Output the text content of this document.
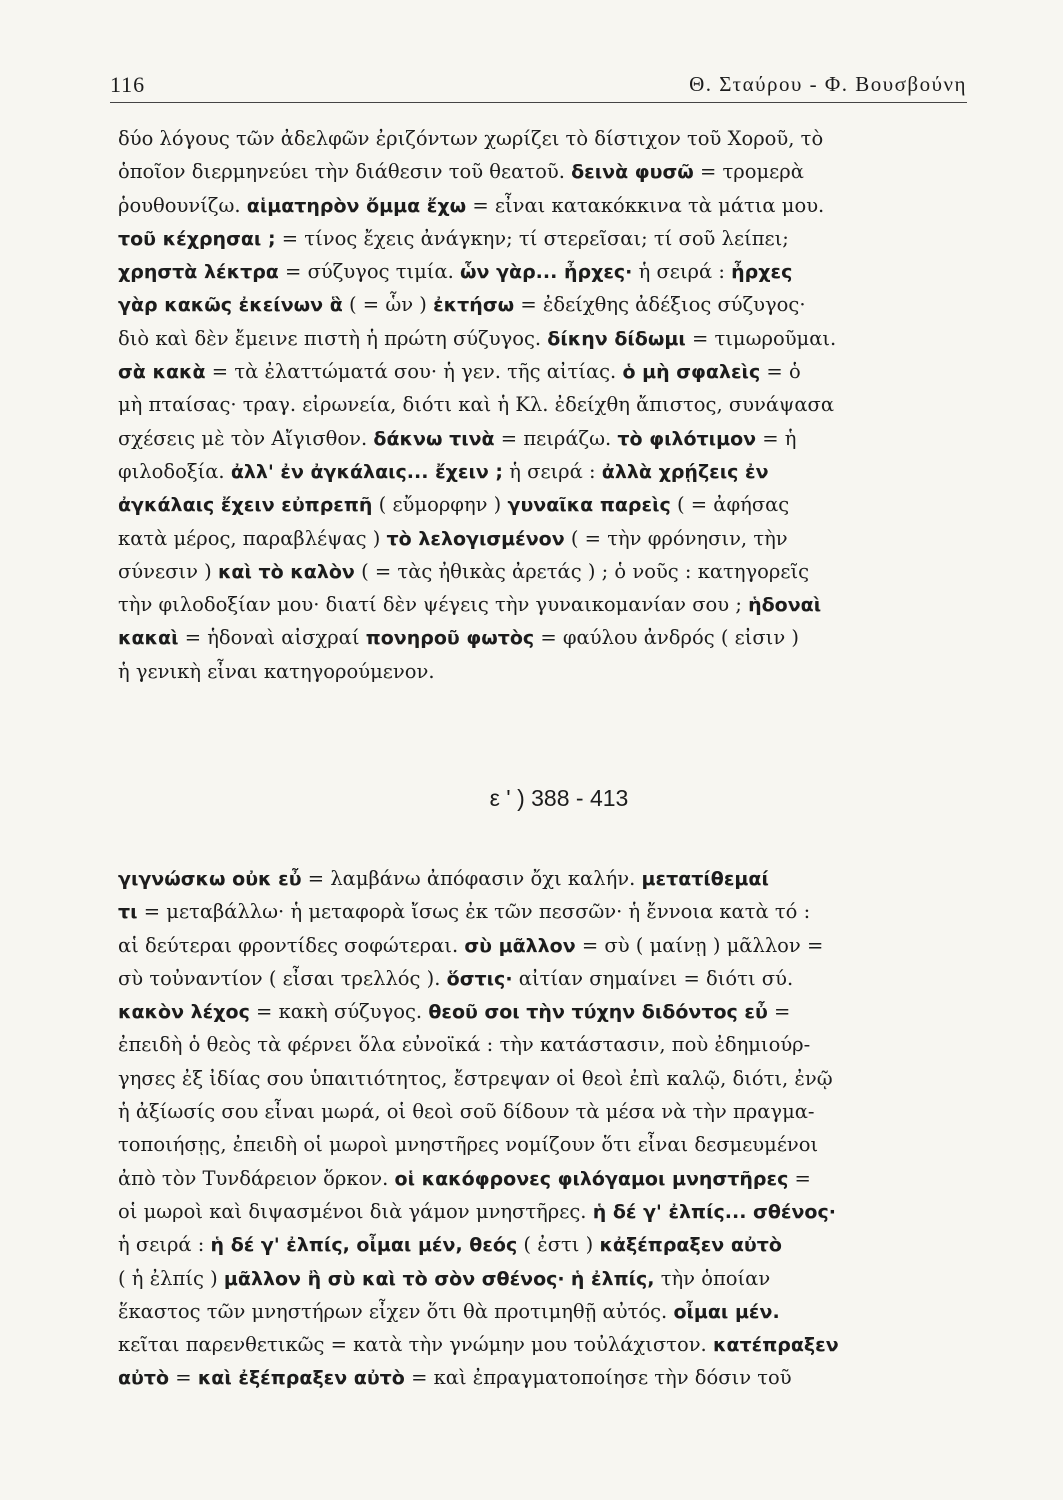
116	Θ. Σταύρου - Φ. Βουσβούνη
δύο λόγους τῶν ἀδελφῶν ἐριζόντων χωρίζει τὸ δίστιχον τοῦ Χοροῦ, τὸ
ὁποῖον διερμηνεύει τὴν διάθεσιν τοῦ θεατοῦ. δεινὰ φυσῶ = τρομερὰ
ῥουθουνίζω. αἱματηρὸν ὄμμα ἔχω = εἶναι κατακόκκινα τὰ μάτια μου.
τοῦ κέχρησαι ; = τίνος ἔχεις ἀνάγκην; τί στερεῖσαι; τί σοῦ λείπει;
χρηστὰ λέκτρα = σύζυγος τιμία. ὧν γὰρ... ἦρχες· ἡ σειρά : ἦρχες
γὰρ κακῶς ἐκείνων ἃ ( = ὧν ) ἐκτήσω = ἐδείχθης ἀδέξιος σύζυγος·
διὸ καὶ δὲν ἔμεινε πιστὴ ἡ πρώτη σύζυγος. δίκην δίδωμι = τιμωροῦμαι.
σὰ κακὰ = τὰ ἐλαττώματά σου· ἡ γεν. τῆς αἰτίας. ὁ μὴ σφαλεὶς = ὁ
μὴ πταίσας· τραγ. εἰρωνεία, διότι καὶ ἡ Κλ. ἐδείχθη ἄπιστος, συνάψασα
σχέσεις μὲ τὸν Αἴγισθον. δάκνω τινὰ = πειράζω. τὸ φιλότιμον = ἡ
φιλοδοξία. ἀλλ' ἐν ἀγκάλαις... ἔχειν ; ἡ σειρά : ἀλλὰ χρῄζεις ἐν
ἀγκάλαις ἔχειν εὐπρεπῆ ( εὔμορφην ) γυναῖκα παρεὶς ( = ἀφήσας
κατὰ μέρος, παραβλέψας ) τὸ λελογισμένον ( = τὴν φρόνησιν, τὴν
σύνεσιν ) καὶ τὸ καλὸν ( = τὰς ἠθικὰς ἀρετάς ) ; ὁ νοῦς : κατηγορεῖς
τὴν φιλοδοξίαν μου· διατί δὲν ψέγεις τὴν γυναικομανίαν σου ; ἡδοναὶ
κακαὶ = ἡδοναὶ αἰσχραί πονηροῦ φωτὸς = φαύλου ἀνδρός ( εἰσιν )
ἡ γενικὴ εἶναι κατηγορούμενον.
ε ' ) 388 - 413
γιγνώσκω οὐκ εὖ = λαμβάνω ἀπόφασιν ὄχι καλήν. μετατίθεμαί
τι = μεταβάλλω· ἡ μεταφορὰ ἴσως ἐκ τῶν πεσσῶν· ἡ ἔννοια κατὰ τό :
αἱ δεύτεραι φροντίδες σοφώτεραι. σὺ μᾶλλον = σὺ ( μαίνῃ ) μᾶλλον =
σὺ τοὐναντίον ( εἶσαι τρελλός ). ὅστις· αἰτίαν σημαίνει = διότι σύ.
κακὸν λέχος = κακὴ σύζυγος. θεοῦ σοι τὴν τύχην διδόντος εὖ =
ἐπειδὴ ὁ θεὸς τὰ φέρνει ὅλα εὐνοϊκά : τὴν κατάστασιν, ποὺ ἐδημιούρ-
γησες ἐξ ἰδίας σου ὑπαιτιότητος, ἔστρεψαν οἱ θεοὶ ἐπὶ καλῷ, διότι, ἐνῷ
ἡ ἀξίωσίς σου εἶναι μωρά, οἱ θεοὶ σοῦ δίδουν τὰ μέσα νὰ τὴν πραγμα-
τοποιήσῃς, ἐπειδὴ οἱ μωροὶ μνηστῆρες νομίζουν ὅτι εἶναι δεσμευμένοι
ἀπὸ τὸν Τυνδάρειον ὅρκον. οἱ κακόφρονες φιλόγαμοι μνηστῆρες =
οἱ μωροὶ καὶ διψασμένοι διὰ γάμον μνηστῆρες. ἡ δέ γ' ἐλπίς... σθένος·
ἡ σειρά : ἡ δέ γ' ἐλπίς, οἶμαι μέν, θεός ( ἐστι ) κἀξέπραξεν αὐτὸ
( ἡ ἐλπίς ) μᾶλλον ἢ σὺ καὶ τὸ σὸν σθένος· ἡ ἐλπίς, τὴν ὁποίαν
ἕκαστος τῶν μνηστήρων εἶχεν ὅτι θὰ προτιμηθῇ αὐτός. οἶμαι μέν.
κεῖται παρενθετικῶς = κατὰ τὴν γνώμην μου τοὐλάχιστον. κατέπραξεν
αὐτὸ = καὶ ἐξέπραξεν αὐτὸ = καὶ ἐπραγματοποίησε τὴν δόσιν τοῦ
